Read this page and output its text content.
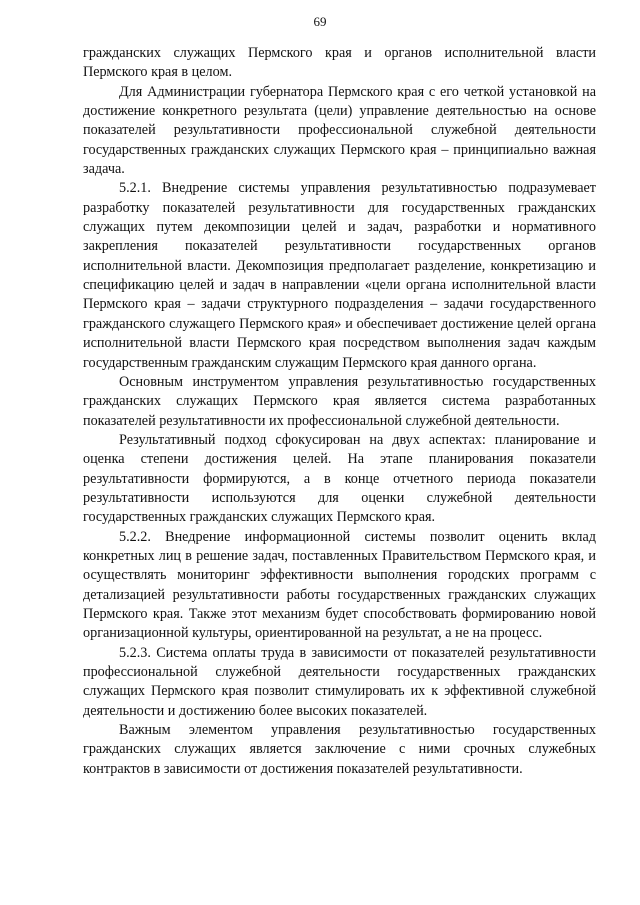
69

гражданских служащих Пермского края и органов исполнительной власти Пермского края в целом.

Для Администрации губернатора Пермского края с его четкой установкой на достижение конкретного результата (цели) управление деятельностью на основе показателей результативности профессиональной служебной деятельности государственных гражданских служащих Пермского края – принципиально важная задача.

5.2.1. Внедрение системы управления результативностью подразумевает разработку показателей результативности для государственных гражданских служащих путем декомпозиции целей и задач, разработки и нормативного закрепления показателей результативности государственных органов исполнительной власти. Декомпозиция предполагает разделение, конкретизацию и спецификацию целей и задач в направлении «цели органа исполнительной власти Пермского края – задачи структурного подразделения – задачи государственного гражданского служащего Пермского края» и обеспечивает достижение целей органа исполнительной власти Пермского края посредством выполнения задач каждым государственным гражданским служащим Пермского края данного органа.

Основным инструментом управления результативностью государственных гражданских служащих Пермского края является система разработанных показателей результативности их профессиональной служебной деятельности.

Результативный подход сфокусирован на двух аспектах: планирование и оценка степени достижения целей. На этапе планирования показатели результативности формируются, а в конце отчетного периода показатели результативности используются для оценки служебной деятельности государственных гражданских служащих Пермского края.

5.2.2. Внедрение информационной системы позволит оценить вклад конкретных лиц в решение задач, поставленных Правительством Пермского края, и осуществлять мониторинг эффективности выполнения городских программ с детализацией результативности работы государственных гражданских служащих Пермского края. Также этот механизм будет способствовать формированию новой организационной культуры, ориентированной на результат, а не на процесс.

5.2.3. Система оплаты труда в зависимости от показателей результативности профессиональной служебной деятельности государственных гражданских служащих Пермского края позволит стимулировать их к эффективной служебной деятельности и достижению более высоких показателей.

Важным элементом управления результативностью государственных гражданских служащих является заключение с ними срочных служебных контрактов в зависимости от достижения показателей результативности.
